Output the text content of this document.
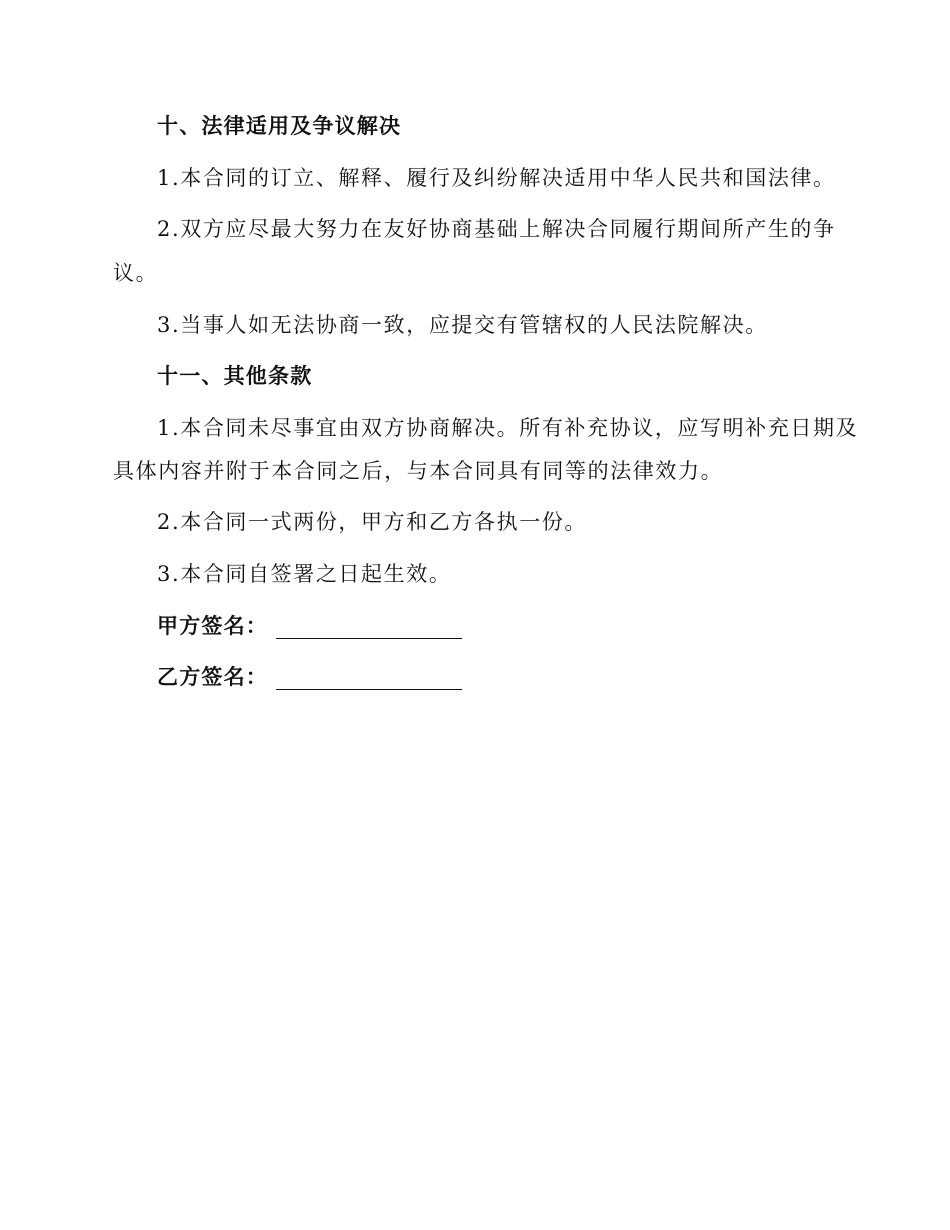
十、法律适用及争议解决
1.本合同的订立、解释、履行及纠纷解决适用中华人民共和国法律。
2.双方应尽最大努力在友好协商基础上解决合同履行期间所产生的争
议。
3.当事人如无法协商一致，应提交有管辖权的人民法院解决。
十一、其他条款
1.本合同未尽事宜由双方协商解决。所有补充协议，应写明补充日期及
具体内容并附于本合同之后，与本合同具有同等的法律效力。
2.本合同一式两份，甲方和乙方各执一份。
3.本合同自签署之日起生效。
甲方签名：
乙方签名：
